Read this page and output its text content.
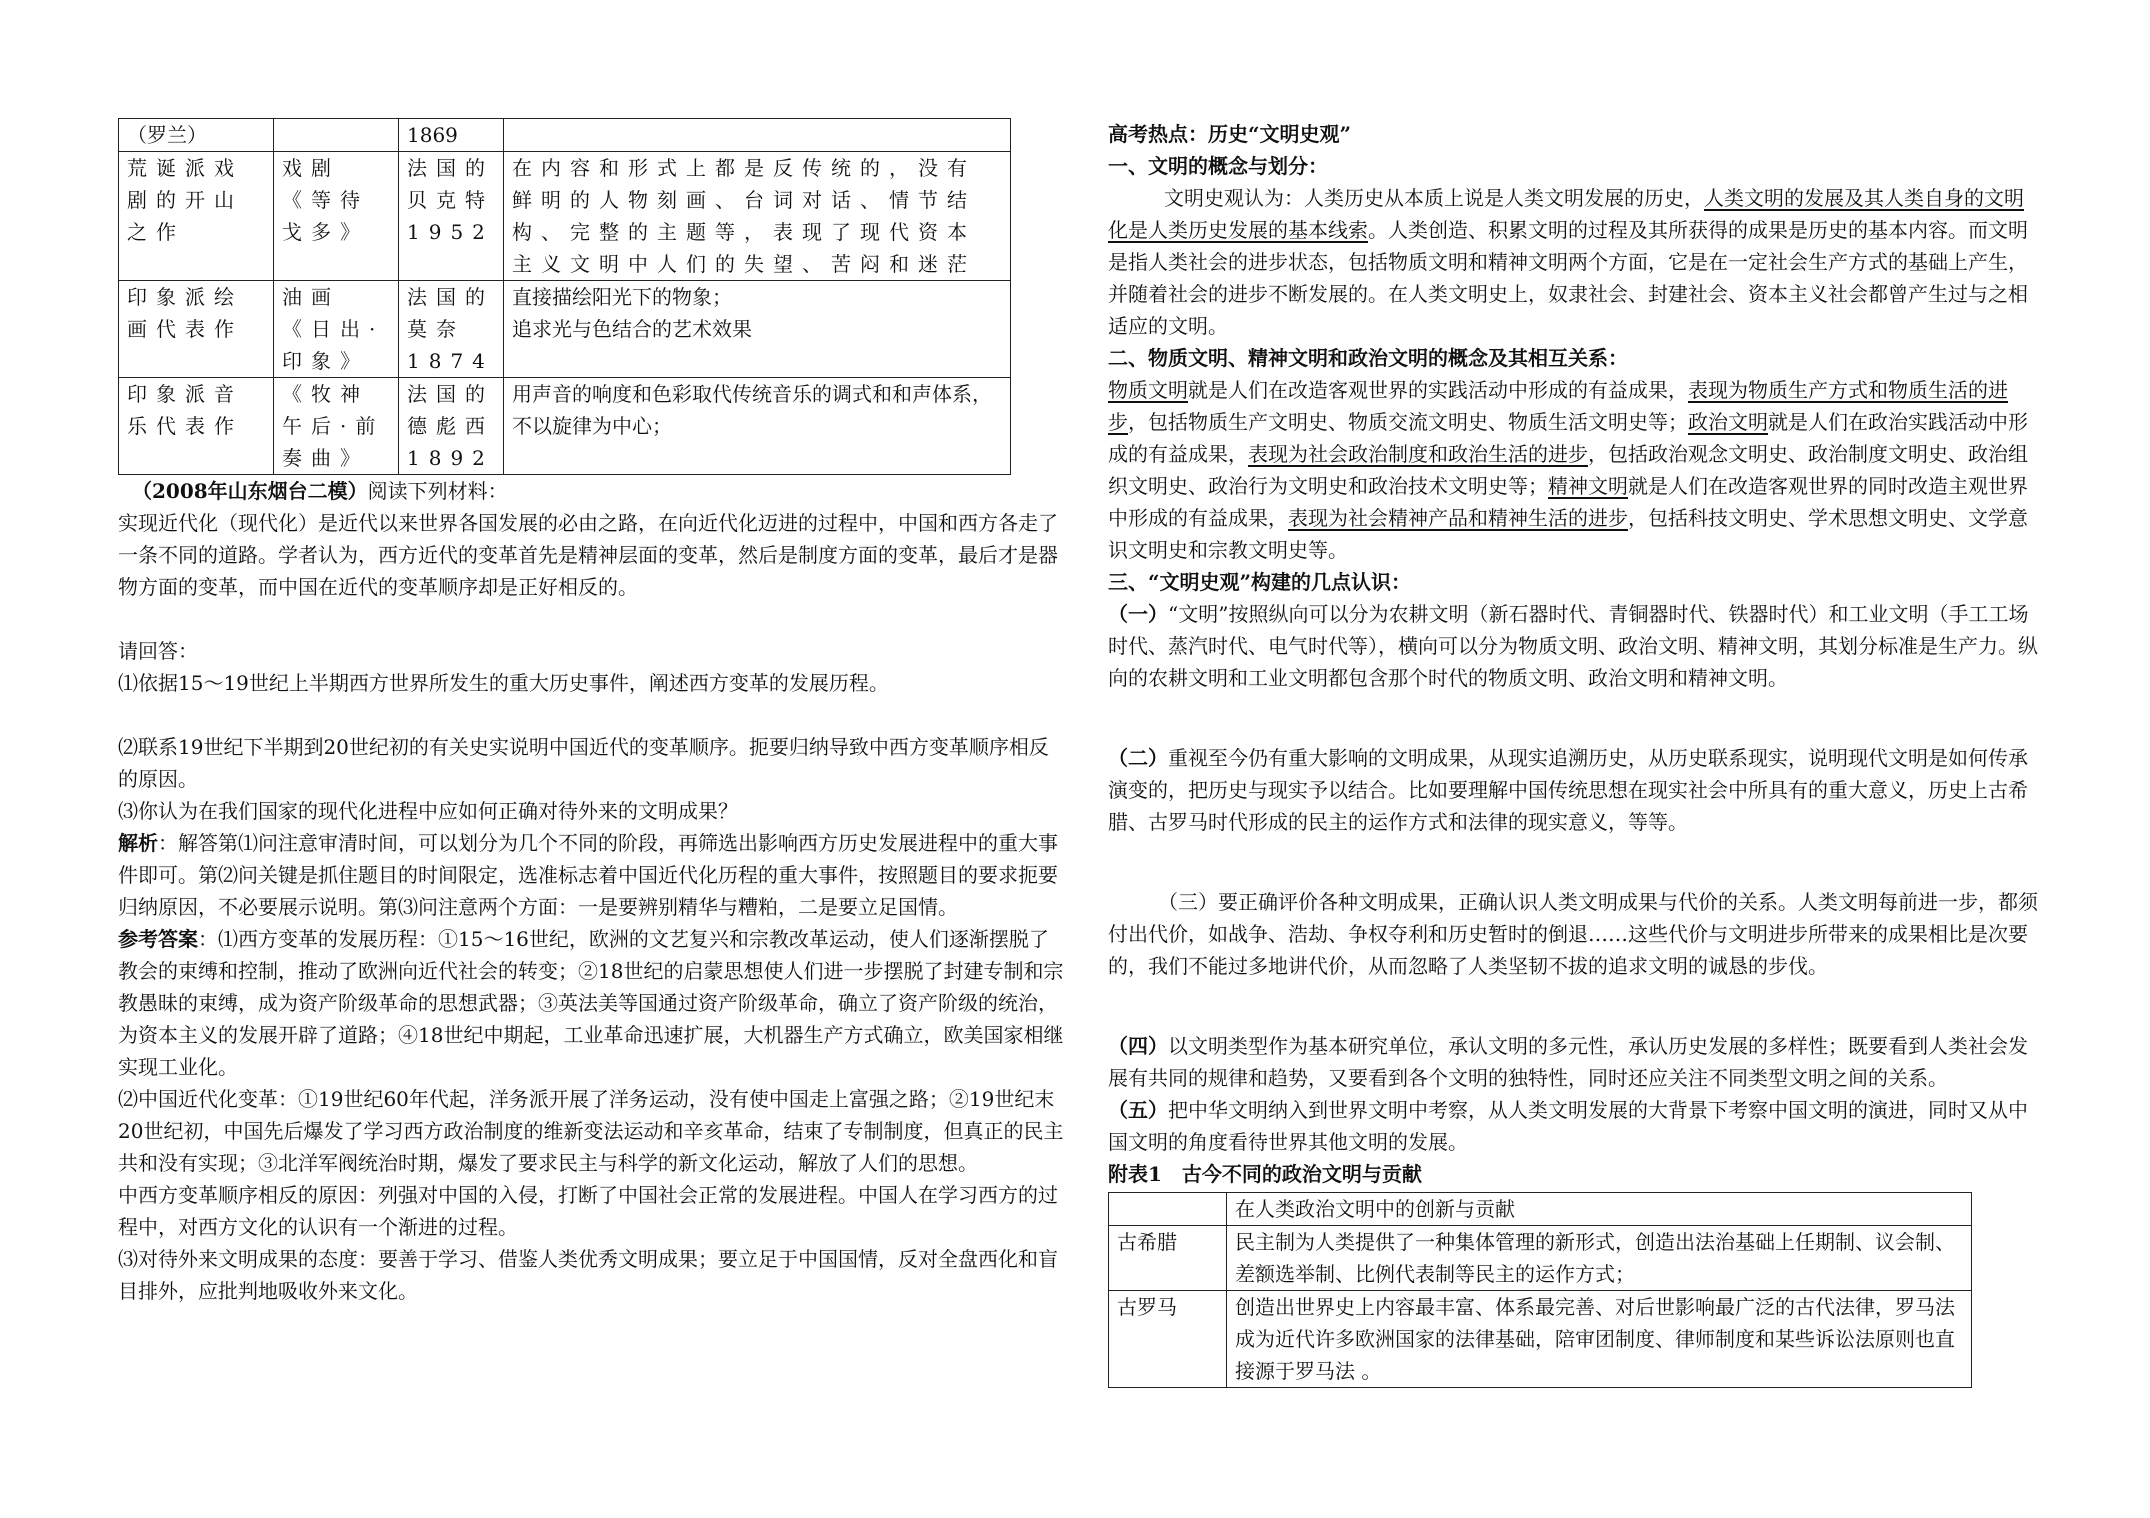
（罗兰）		1869	
荒诞派戏剧的开山之作	戏剧《等待戈多》	法国的贝克特1952	在内容和形式上都是反传统的，没有鲜明的人物刻画、台词对话、情节结构、完整的主题等，表现了现代资本主义文明中人们的失望、苦闷和迷茫
印象派绘画代表作	油画《日出·印象》	法国的莫奈1874	直接描绘阳光下的物象；
追求光与色结合的艺术效果
印象派音乐代表作	《牧神午后·前奏曲》	法国的德彪西1892	用声音的响度和色彩取代传统音乐的调式和和声体系，不以旋律为中心；

（2008年山东烟台二模）阅读下列材料：

实现近代化（现代化）是近代以来世界各国发展的必由之路，在向近代化迈进的过程中，中国和西方各走了一条不同的道路。学者认为，西方近代的变革首先是精神层面的变革，然后是制度方面的变革，最后才是器物方面的变革，而中国在近代的变革顺序却是正好相反的。

请回答：

⑴依据15～19世纪上半期西方世界所发生的重大历史事件，阐述西方变革的发展历程。

⑵联系19世纪下半期到20世纪初的有关史实说明中国近代的变革顺序。扼要归纳导致中西方变革顺序相反的原因。

⑶你认为在我们国家的现代化进程中应如何正确对待外来的文明成果？

解析：解答第⑴问注意审清时间，可以划分为几个不同的阶段，再筛选出影响西方历史发展进程中的重大事件即可。第⑵问关键是抓住题目的时间限定，选准标志着中国近代化历程的重大事件，按照题目的要求扼要归纳原因，不必要展示说明。第⑶问注意两个方面：一是要辨别精华与糟粕，二是要立足国情。

参考答案：⑴西方变革的发展历程：①15～16世纪，欧洲的文艺复兴和宗教改革运动，使人们逐渐摆脱了教会的束缚和控制，推动了欧洲向近代社会的转变；②18世纪的启蒙思想使人们进一步摆脱了封建专制和宗教愚昧的束缚，成为资产阶级革命的思想武器；③英法美等国通过资产阶级革命，确立了资产阶级的统治，为资本主义的发展开辟了道路；④18世纪中期起，工业革命迅速扩展，大机器生产方式确立，欧美国家相继实现工业化。

⑵中国近代化变革：①19世纪60年代起，洋务派开展了洋务运动，没有使中国走上富强之路；②19世纪末20世纪初，中国先后爆发了学习西方政治制度的维新变法运动和辛亥革命，结束了专制制度，但真正的民主共和没有实现；③北洋军阀统治时期，爆发了要求民主与科学的新文化运动，解放了人们的思想。

中西方变革顺序相反的原因：列强对中国的入侵，打断了中国社会正常的发展进程。中国人在学习西方的过程中，对西方文化的认识有一个渐进的过程。

⑶对待外来文明成果的态度：要善于学习、借鉴人类优秀文明成果；要立足于中国国情，反对全盘西化和盲目排外，应批判地吸收外来文化。

高考热点：历史“文明史观”

一、文明的概念与划分：

文明史观认为：人类历史从本质上说是人类文明发展的历史，人类文明的发展及其人类自身的文明化是人类历史发展的基本线索。人类创造、积累文明的过程及其所获得的成果是历史的基本内容。而文明是指人类社会的进步状态，包括物质文明和精神文明两个方面，它是在一定社会生产方式的基础上产生，并随着社会的进步不断发展的。在人类文明史上，奴隶社会、封建社会、资本主义社会都曾产生过与之相适应的文明。

二、物质文明、精神文明和政治文明的概念及其相互关系：

物质文明就是人们在改造客观世界的实践活动中形成的有益成果，表现为物质生产方式和物质生活的进步，包括物质生产文明史、物质交流文明史、物质生活文明史等；政治文明就是人们在政治实践活动中形成的有益成果，表现为社会政治制度和政治生活的进步，包括政治观念文明史、政治制度文明史、政治组织文明史、政治行为文明史和政治技术文明史等；精神文明就是人们在改造客观世界的同时改造主观世界中形成的有益成果，表现为社会精神产品和精神生活的进步，包括科技文明史、学术思想文明史、文学意识文明史和宗教文明史等。

三、“文明史观”构建的几点认识：

（一）“文明”按照纵向可以分为农耕文明（新石器时代、青铜器时代、铁器时代）和工业文明（手工工场时代、蒸汽时代、电气时代等），横向可以分为物质文明、政治文明、精神文明，其划分标准是生产力。纵向的农耕文明和工业文明都包含那个时代的物质文明、政治文明和精神文明。

（二）重视至今仍有重大影响的文明成果，从现实追溯历史，从历史联系现实，说明现代文明是如何传承演变的，把历史与现实予以结合。比如要理解中国传统思想在现实社会中所具有的重大意义，历史上古希腊、古罗马时代形成的民主的运作方式和法律的现实意义，等等。

（三）要正确评价各种文明成果，正确认识人类文明成果与代价的关系。人类文明每前进一步，都须付出代价，如战争、浩劫、争权夺利和历史暂时的倒退……这些代价与文明进步所带来的成果相比是次要的，我们不能过多地讲代价，从而忽略了人类坚韧不拔的追求文明的诚恳的步伐。

（四）以文明类型作为基本研究单位，承认文明的多元性，承认历史发展的多样性；既要看到人类社会发展有共同的规律和趋势，又要看到各个文明的独特性，同时还应关注不同类型文明之间的关系。

（五）把中华文明纳入到世界文明中考察，从人类文明发展的大背景下考察中国文明的演进，同时又从中国文明的角度看待世界其他文明的发展。

附表1　古今不同的政治文明与贡献

	在人类政治文明中的创新与贡献
古希腊	民主制为人类提供了一种集体管理的新形式，创造出法治基础上任期制、议会制、差额选举制、比例代表制等民主的运作方式；
古罗马	创造出世界史上内容最丰富、体系最完善、对后世影响最广泛的古代法律，罗马法成为近代许多欧洲国家的法律基础，陪审团制度、律师制度和某些诉讼法原则也直接源于罗马法 。
